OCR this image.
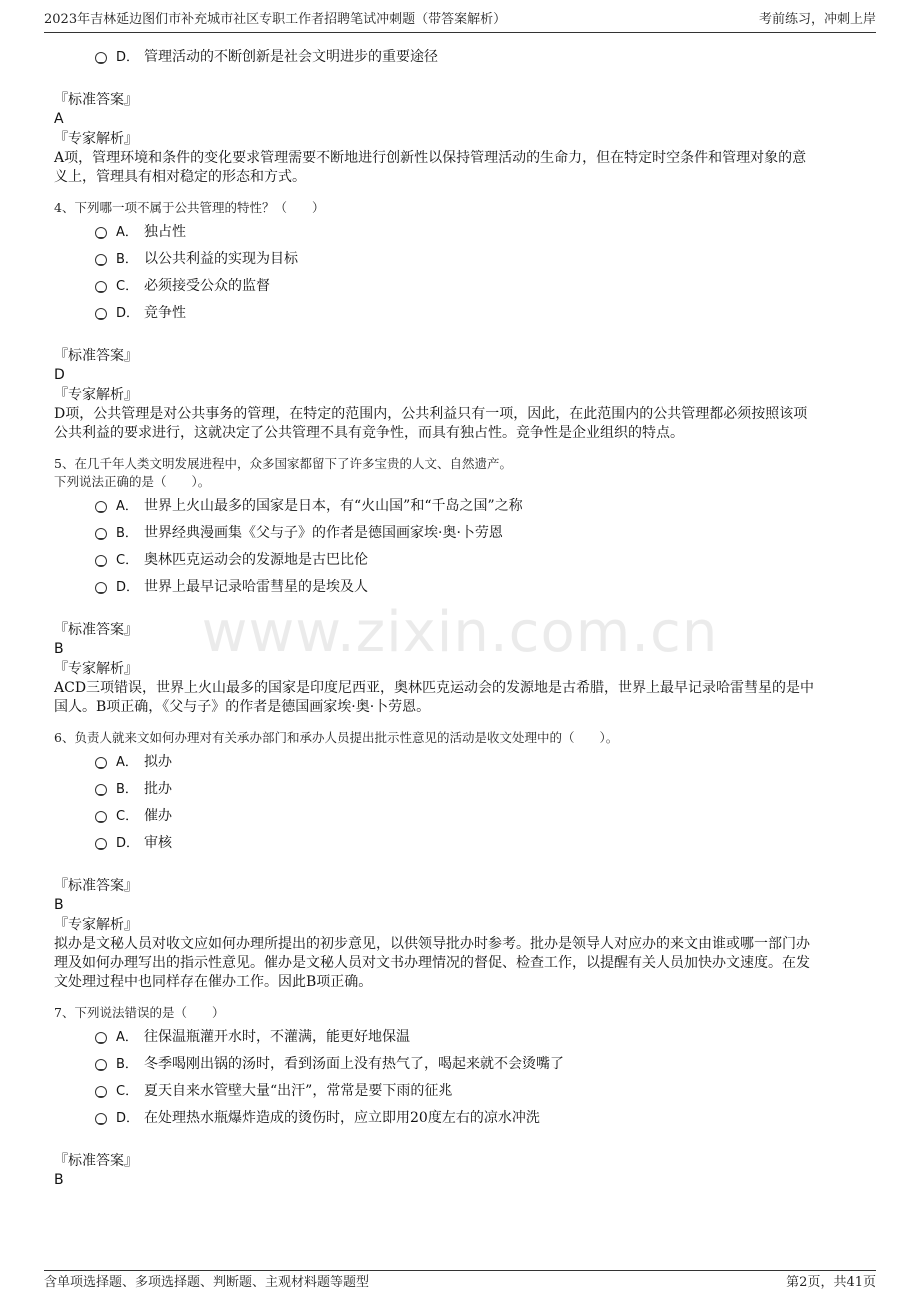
2023年吉林延边图们市补充城市社区专职工作者招聘笔试冲刺题（带答案解析）	考前练习，冲刺上岸
www.zixin.com.cn
D． 管理活动的不断创新是社会文明进步的重要途径

『标准答案』

A

『专家解析』

A项，管理环境和条件的变化要求管理需要不断地进行创新性以保持管理活动的生命力，但在特定时空条件和管理对象的意

义上，管理具有相对稳定的形态和方式。

4、下列哪一项不属于公共管理的特性？（　　）

A． 独占性
B． 以公共利益的实现为目标
C． 必须接受公众的监督
D． 竞争性

『标准答案』

D

『专家解析』

D项，公共管理是对公共事务的管理，在特定的范围内，公共利益只有一项，因此，在此范围内的公共管理都必须按照该项

公共利益的要求进行，这就决定了公共管理不具有竞争性，而具有独占性。竞争性是企业组织的特点。

5、在几千年人类文明发展进程中，众多国家都留下了许多宝贵的人文、自然遗产。

下列说法正确的是（　　）。

A． 世界上火山最多的国家是日本，有“火山国”和“千岛之国”之称
B． 世界经典漫画集《父与子》的作者是德国画家埃·奥·卜劳恩
C． 奥林匹克运动会的发源地是古巴比伦
D． 世界上最早记录哈雷彗星的是埃及人

『标准答案』

B

『专家解析』

ACD三项错误，世界上火山最多的国家是印度尼西亚，奥林匹克运动会的发源地是古希腊，世界上最早记录哈雷彗星的是中

国人。B项正确，《父与子》的作者是德国画家埃·奥·卜劳恩。

6、负责人就来文如何办理对有关承办部门和承办人员提出批示性意见的活动是收文处理中的（　　）。

A． 拟办
B． 批办
C． 催办
D． 审核

『标准答案』

B

『专家解析』

拟办是文秘人员对收文应如何办理所提出的初步意见，以供领导批办时参考。批办是领导人对应办的来文由谁或哪一部门办

理及如何办理写出的指示性意见。催办是文秘人员对文书办理情况的督促、检查工作，以提醒有关人员加快办文速度。在发

文处理过程中也同样存在催办工作。因此B项正确。

7、下列说法错误的是（　　）

A． 往保温瓶灌开水时，不灌满，能更好地保温
B． 冬季喝刚出锅的汤时，看到汤面上没有热气了，喝起来就不会烫嘴了
C． 夏天自来水管壁大量“出汗”，常常是要下雨的征兆
D． 在处理热水瓶爆炸造成的烫伤时，应立即用20度左右的凉水冲洗

『标准答案』

B

含单项选择题、多项选择题、判断题、主观材料题等题型	第2页，共41页
